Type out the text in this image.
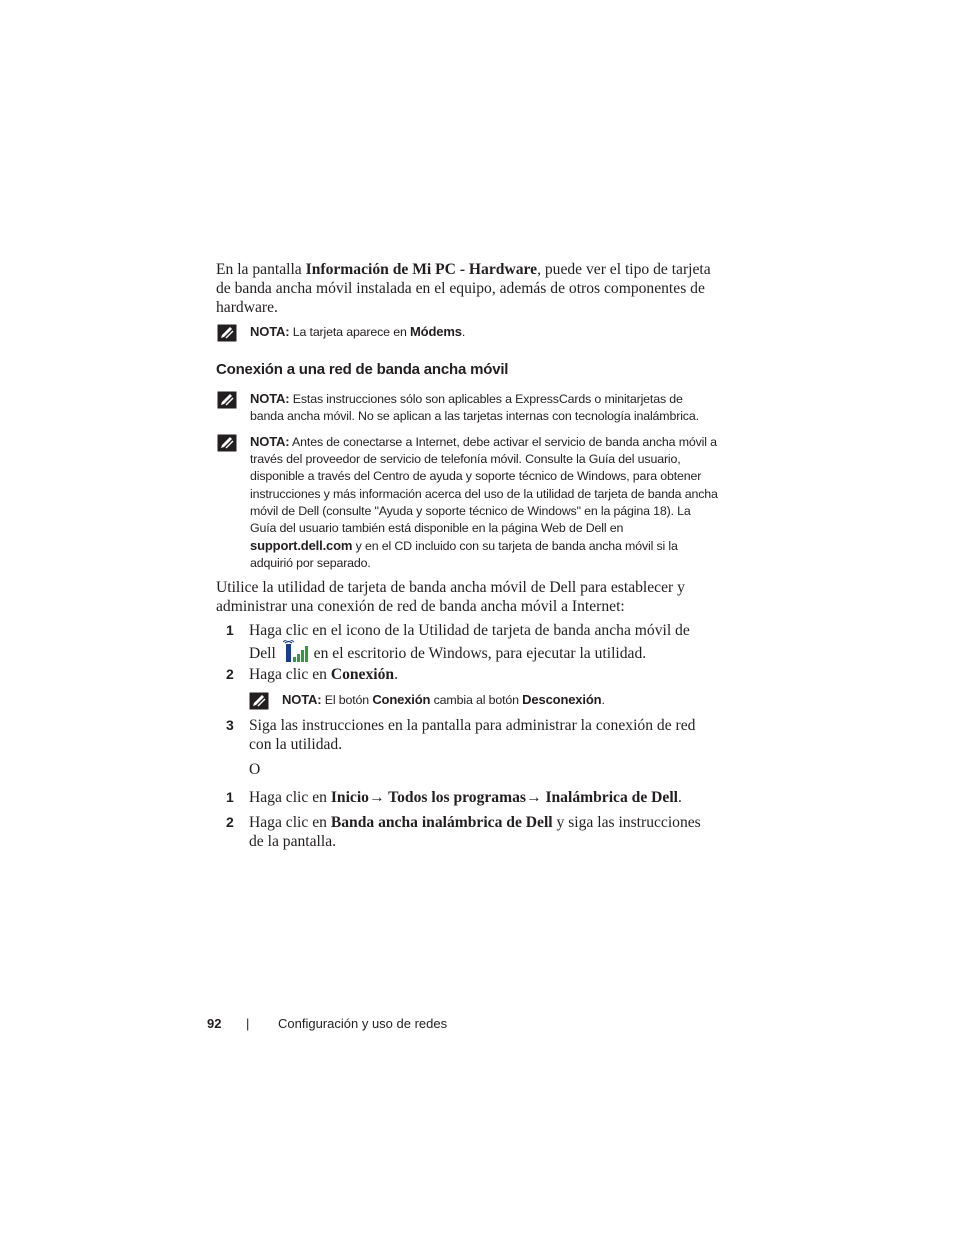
En la pantalla Información de Mi PC - Hardware, puede ver el tipo de tarjeta de banda ancha móvil instalada en el equipo, además de otros componentes de hardware.
NOTA: La tarjeta aparece en Módems.
Conexión a una red de banda ancha móvil
NOTA: Estas instrucciones sólo son aplicables a ExpressCards o minitarjetas de banda ancha móvil. No se aplican a las tarjetas internas con tecnología inalámbrica.
NOTA: Antes de conectarse a Internet, debe activar el servicio de banda ancha móvil a través del proveedor de servicio de telefonía móvil. Consulte la Guía del usuario, disponible a través del Centro de ayuda y soporte técnico de Windows, para obtener instrucciones y más información acerca del uso de la utilidad de tarjeta de banda ancha móvil de Dell (consulte "Ayuda y soporte técnico de Windows" en la página 18). La Guía del usuario también está disponible en la página Web de Dell en support.dell.com y en el CD incluido con su tarjeta de banda ancha móvil si la adquirió por separado.
Utilice la utilidad de tarjeta de banda ancha móvil de Dell para establecer y administrar una conexión de red de banda ancha móvil a Internet:
1 Haga clic en el icono de la Utilidad de tarjeta de banda ancha móvil de Dell  en el escritorio de Windows, para ejecutar la utilidad.
2 Haga clic en Conexión.
NOTA: El botón Conexión cambia al botón Desconexión.
3 Siga las instrucciones en la pantalla para administrar la conexión de red con la utilidad.
O
1 Haga clic en Inicio→ Todos los programas→ Inalámbrica de Dell.
2 Haga clic en Banda ancha inalámbrica de Dell y siga las instrucciones de la pantalla.
92 | Configuración y uso de redes
